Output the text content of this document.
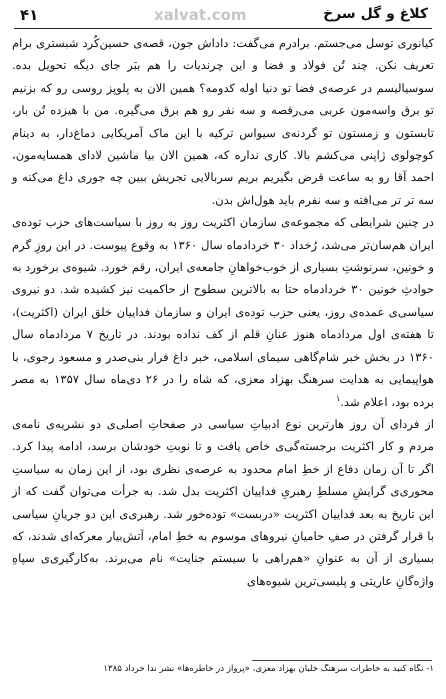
۴۱	xalvat.com	کلاغ و گل سرخ

کیانوری توسل می‌جستم. برادرم می‌گفت: داداش جون، قصه‌ی حسین‌کُرد شبستری برام تعریف نکن. چند تُن فولاد و فضا و این چرندیات را هم ببَر جای دیگه تحویل بده. سوسیالیسم در عرصه‌ی فضا تو دنیا اوله کدومه؟ همین الان به پلوپز روسی رو که بزنیم تو برق واسه‌مون عربی می‌رقصه و سه نفر رو هم برق می‌گیره. من با هیزده تُن بار، تابستون و زمستون تو گردنه‌ی سیواس ترکیه با این ماک آمریکایی دماغ‌دار، به دینام کوچولوی ژاپنی می‌کشم بالا. کاری نداره که، همین الان بیا ماشین لادای همسایه‌مون، احمد آقا رو به ساعت قرض بگیریم بریم سربالایی تجریش ببین چه جوری داغ می‌کنه و سه تر تر می‌افته و سه نفرم باید هول‌اش بدن.

در چنین شرایطی که مجموعه‌ی سازمان اکثریت روز به روز با سیاست‌های حزب توده‌ی ایران هم‌سان‌تر می‌شد، رُخداد ۳۰ خردادماه سال ۱۳۶۰ به وقوع پیوست. در این روزِ گرم و خونین، سرنوشتِ بسیاری از خوب‌خواهانِ جامعه‌ی ایران، رقم خورد. شیوه‌ی برخورد به حوادثِ خونین ۳۰ خردادماه حتا به بالاترین سطوح از حاکمیت نیز کشیده شد. دو نیروی سیاسی‌ی عمده‌ی روز، یعنی حزب توده‌ی ایران و سازمان فداییان خلق ایران (اکثریت)، تا هفته‌ی اول مردادماه هنوز عنانِ قلم از کف نداده بودند. در تاریخ ۷ مردادماه سال ۱۳۶۰ در بخش خبر شام‌گاهی سیمای اسلامی، خبر داغ فرار بنی‌صدر و مسعود رجوی، با هواپیمایی به هدایت سرهنگ بهزاد معزی، که شاه را در ۲۶ دی‌ماه سال ۱۳۵۷ به مصر برده بود، اعلام شد.$^۱$

از فردای آن روز هارترین نوع ادبیاتِ سیاسی در صفحاتِ اصلی‌ی دو نشریه‌ی نامه‌ی مردم و کار اکثریت برجسته‌گی‌ی خاص یافت و تا نوبتِ خودشان برسد، ادامه پیدا کرد. اگر تا آن زمان دفاع از خطِ امام محدود به عرصه‌ی نظری بود، از این زمان به سیاستِ محوری‌ی گرایشِ مسلطِ رهبریِ فداییان اکثریت بدل شد. به جرأت می‌توان گفت که از این تاریخ به بعد فداییان اکثریت «دربست» توده‌خور شد. رهبری‌ی این دو جریانِ سیاسی با قرار گرفتن در صفِ حامیانِ نیروهای موسوم به خطِ امام، آتش‌بیار معرکه‌ای شدند، که بسیاری از آن به عنوانِ «هم‌راهی با سیستم جنایت» نام می‌برند. به‌کارگیری‌ی سپاهِ واژه‌گانِ عاریتی و پلیسی‌ترین شیوه‌های

۱- نگاه کنید به خاطرات سرهنگ خلبان بهزاد معزی، «پرواز در خاطره‌ها» نشر ندا خرداد ۱۳۸۵
